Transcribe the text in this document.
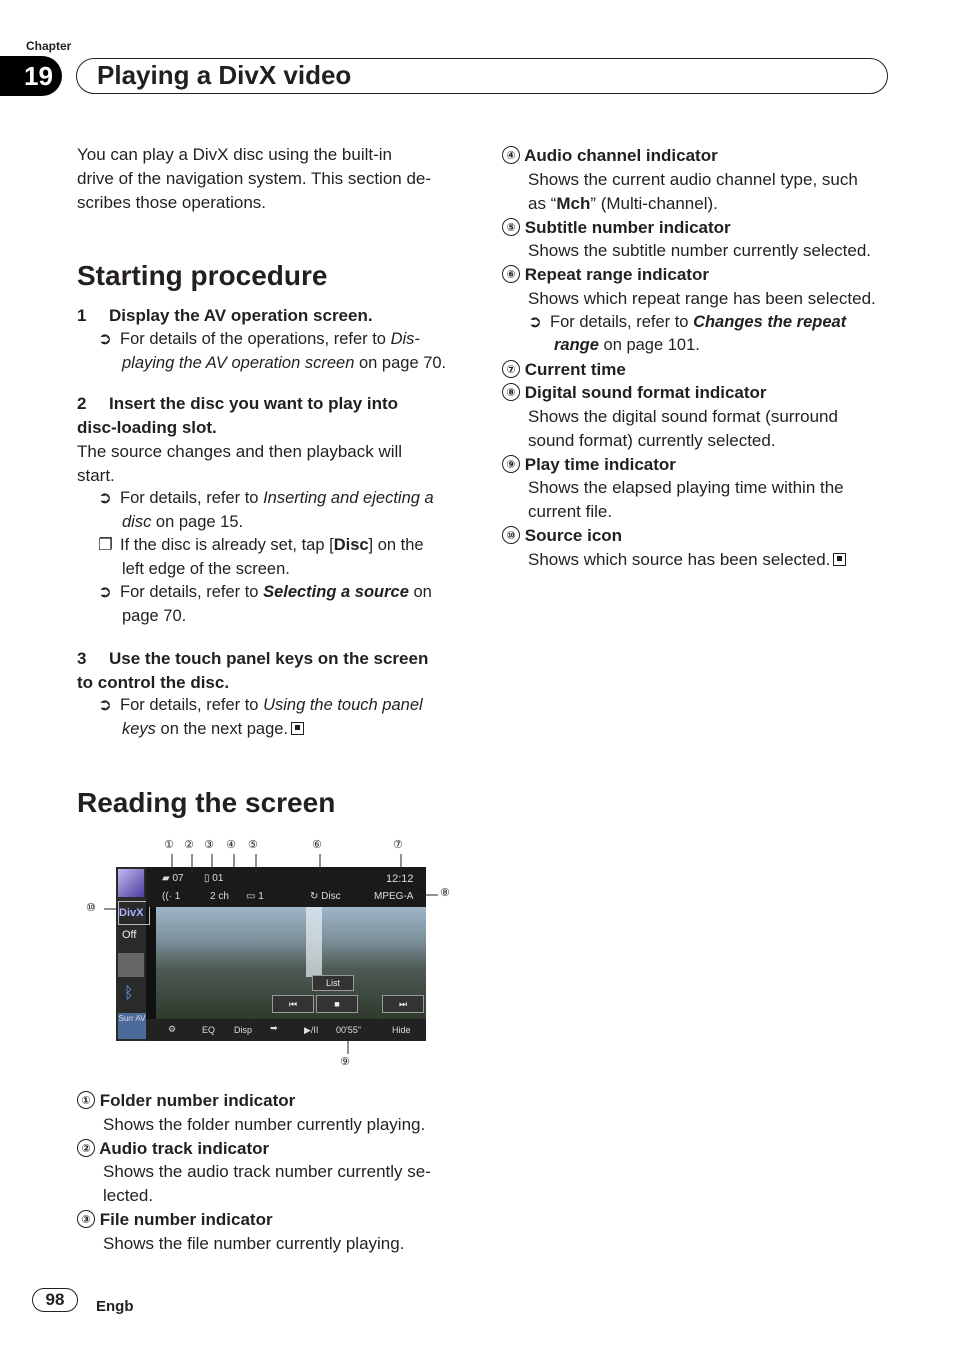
Chapter
19	Playing a DivX video
You can play a DivX disc using the built-in
drive of the navigation system. This section de-
scribes those operations.
Starting procedure
1 Display the AV operation screen.
➲ For details of the operations, refer to Dis-
playing the AV operation screen on page 70.
2 Insert the disc you want to play into
disc-loading slot.
The source changes and then playback will
start.
➲ For details, refer to Inserting and ejecting a
disc on page 15.
❐ If the disc is already set, tap [Disc] on the
left edge of the screen.
➲ For details, refer to Selecting a source on
page 70.
3 Use the touch panel keys on the screen
to control the disc.
➲ For details, refer to Using the touch panel
keys on the next page.
Reading the screen
① ② ③ ④ ⑤	⑥	⑦
⑧
⑨
⑩ DivX
Off
ᛒ
Surr AV
▰ 07 ▯ 01
((· 1	2 ch ▭ 1	↻ Disc
12:12
MPEG-A
List
⏮	■	⏭
⚙	EQ Disp ➡	▶/II 00'55"	Hide
① Folder number indicator
Shows the folder number currently playing.
② Audio track indicator
Shows the audio track number currently se-
lected.
③ File number indicator
Shows the file number currently playing.
④ Audio channel indicator
Shows the current audio channel type, such
as “Mch” (Multi-channel).
⑤ Subtitle number indicator
Shows the subtitle number currently selected.
⑥ Repeat range indicator
Shows which repeat range has been selected.
➲ For details, refer to Changes the repeat
range on page 101.
⑦ Current time
⑧ Digital sound format indicator
Shows the digital sound format (surround
sound format) currently selected.
⑨ Play time indicator
Shows the elapsed playing time within the
current file.
⑩ Source icon
Shows which source has been selected.
98	Engb
